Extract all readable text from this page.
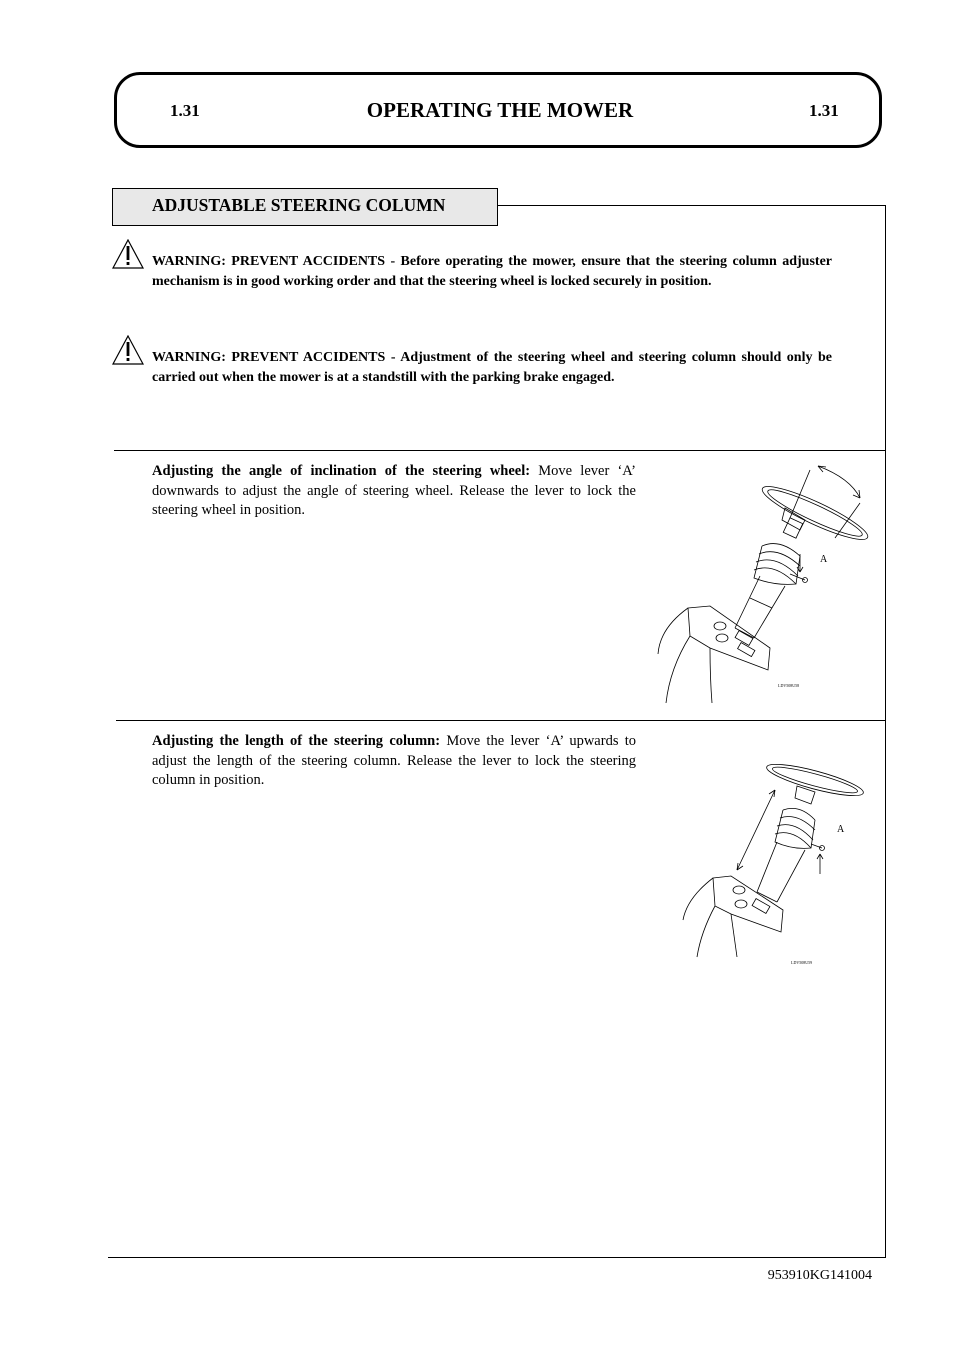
1.31	OPERATING THE MOWER	1.31
ADJUSTABLE STEERING COLUMN
WARNING: PREVENT ACCIDENTS - Before operating the mower, ensure that the steering column adjuster mechanism is in good working order and that the steering wheel is locked securely in position.
WARNING: PREVENT ACCIDENTS - Adjustment of the steering wheel and steering column should only be carried out when the mower is at a standstill with the parking brake engaged.
Adjusting the angle of inclination of the steering wheel: Move lever ‘A’ downwards to adjust the angle of steering wheel. Release the lever to lock the steering wheel in position.
A
LDV508U58
Adjusting the length of the steering column: Move the lever ‘A’ upwards to adjust the length of the steering column. Release the lever to lock the steering column in position.
A
LDV508U59
953910KG141004
